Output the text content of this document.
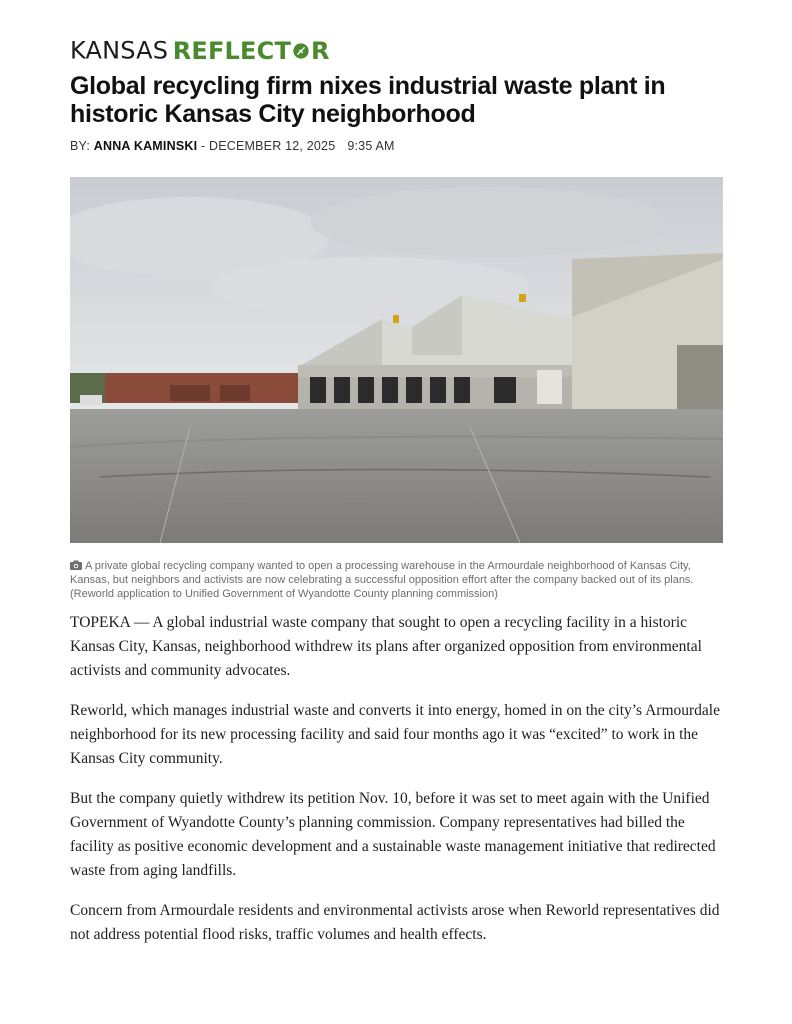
KANSAS REFLECT R
Global recycling firm nixes industrial waste plant in historic Kansas City neighborhood
BY: ANNA KAMINSKI - DECEMBER 12, 2025 9:35 AM
A private global recycling company wanted to open a processing warehouse in the Armourdale neighborhood of Kansas City, Kansas, but neighbors and activists are now celebrating a successful opposition effort after the company backed out of its plans. (Reworld application to Unified Government of Wyandotte County planning commission)

TOPEKA — A global industrial waste company that sought to open a recycling facility in a historic Kansas City, Kansas, neighborhood withdrew its plans after organized opposition from environmental activists and community advocates.

Reworld, which manages industrial waste and converts it into energy, homed in on the city’s Armourdale neighborhood for its new processing facility and said four months ago it was “excited” to work in the Kansas City community.

But the company quietly withdrew its petition Nov. 10, before it was set to meet again with the Unified Government of Wyandotte County’s planning commission. Company representatives had billed the facility as positive economic development and a sustainable waste management initiative that redirected waste from aging landfills.

Concern from Armourdale residents and environmental activists arose when Reworld representatives did not address potential flood risks, traffic volumes and health effects.
